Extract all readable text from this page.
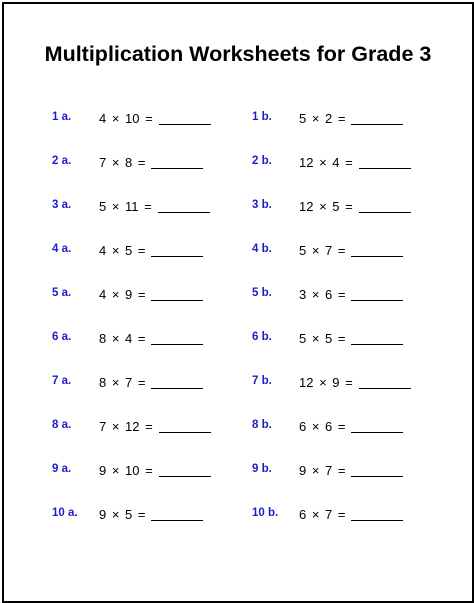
Multiplication Worksheets for Grade 3
1 a. 4 × 10 =
2 a. 7 × 8 =
3 a. 5 × 11 =
4 a. 4 × 5 =
5 a. 4 × 9 =
6 a. 8 × 4 =
7 a. 8 × 7 =
8 a. 7 × 12 =
9 a. 9 × 10 =
10 a. 9 × 5 =
1 b. 5 × 2 =
2 b. 12 × 4 =
3 b. 12 × 5 =
4 b. 5 × 7 =
5 b. 3 × 6 =
6 b. 5 × 5 =
7 b. 12 × 9 =
8 b. 6 × 6 =
9 b. 9 × 7 =
10 b. 6 × 7 =
